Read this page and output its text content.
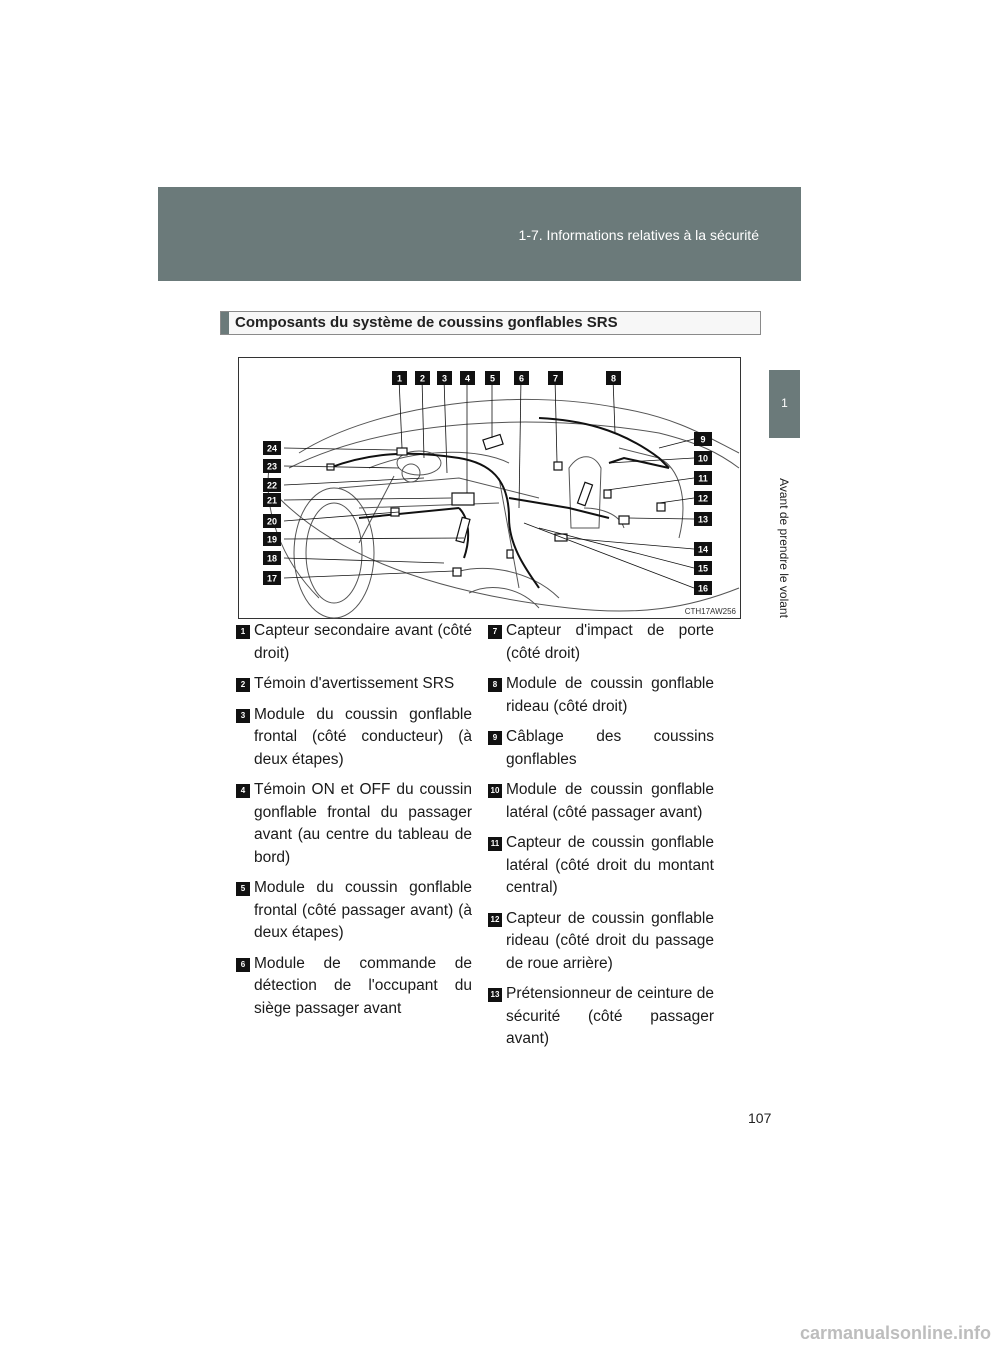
1-7. Informations relatives à la sécurité
1
Avant de prendre le volant
Composants du système de coussins gonflables SRS
1 2 3 4 5	6	7	8
9
10
11
12
13
14
15
16
17
18
19
20
21
22
23
24
CTH17AW256
1 Capteur secondaire avant (côté droit)
2 Témoin d'avertissement SRS
3 Module du coussin gonflable frontal (côté conducteur) (à deux étapes)
4 Témoin ON et OFF du coussin gonflable frontal du passager avant (au centre du tableau de bord)
5 Module du coussin gonflable frontal (côté passager avant) (à deux étapes)
6 Module de commande de détection de l'occupant du siège passager avant
7 Capteur d'impact de porte (côté droit)
8 Module de coussin gonflable rideau (côté droit)
9 Câblage des coussins gonflables
10 Module de coussin gonflable latéral (côté passager avant)
11 Capteur de coussin gonflable latéral (côté droit du montant central)
12 Capteur de coussin gonflable rideau (côté droit du passage de roue arrière)
13 Prétensionneur de ceinture de sécurité (côté passager avant)
107
carmanualsonline.info
